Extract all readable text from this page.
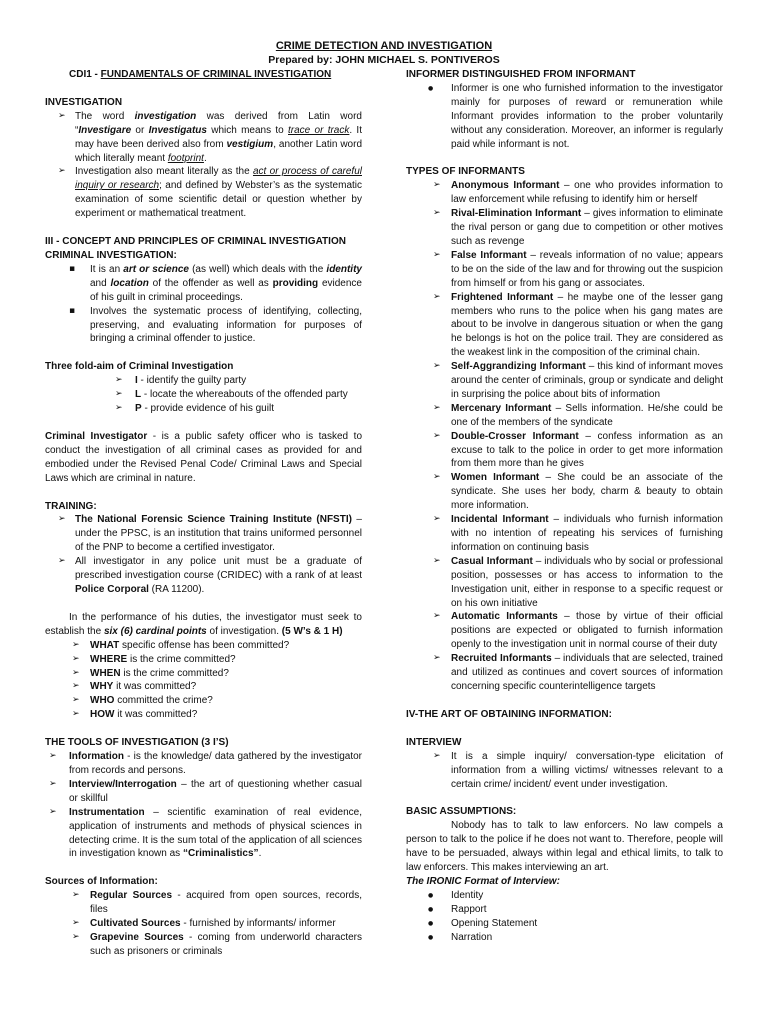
CRIME DETECTION AND INVESTIGATION
Prepared by: JOHN MICHAEL S. PONTIVEROS

CDI1 - FUNDAMENTALS OF CRIMINAL INVESTIGATION

INVESTIGATION

➢ The word investigation was derived from Latin word “Investigare or Investigatus which means to trace or track. It may have been derived also from vestigium, another Latin word which literally meant footprint.
➢ Investigation also meant literally as the act or process of careful inquiry or research; and defined by Webster’s as the systematic examination of some scientific detail or question whether by experiment or mathematical treatment.

III - CONCEPT AND PRINCIPLES OF CRIMINAL INVESTIGATION

CRIMINAL INVESTIGATION:

▪ It is an art or science (as well) which deals with the identity and location of the offender as well as providing evidence of his guilt in criminal proceedings.
▪ Involves the systematic process of identifying, collecting, preserving, and evaluating information for purposes of bringing a criminal offender to justice.

Three fold-aim of Criminal Investigation

➢ I - identify the guilty party
➢ L - locate the whereabouts of the offended party
➢ P - provide evidence of his guilt

Criminal Investigator - is a public safety officer who is tasked to conduct the investigation of all criminal cases as provided for and embodied under the Revised Penal Code/ Criminal Laws and Special Laws which are criminal in nature.

TRAINING:

➢ The National Forensic Science Training Institute (NFSTI) –under the PPSC, is an institution that trains uniformed personnel of the PNP to become a certified investigator.
➢ All investigator in any police unit must be a graduate of prescribed investigation course (CRIDEC) with a rank of at least Police Corporal (RA 11200).

In the performance of his duties, the investigator must seek to establish the six (6) cardinal points of investigation. (5 W’s & 1 H)

➢ WHAT specific offense has been committed?
➢ WHERE is the crime committed?
➢ WHEN is the crime committed?
➢ WHY it was committed?
➢ WHO committed the crime?
➢ HOW it was committed?

THE TOOLS OF INVESTIGATION (3 I’S)

➢ Information - is the knowledge/ data gathered by the investigator from records and persons.
➢ Interview/Interrogation – the art of questioning whether casual or skillful
➢ Instrumentation – scientific examination of real evidence, application of instruments and methods of physical sciences in detecting crime. It is the sum total of the application of all sciences in investigation known as “Criminalistics”.

Sources of Information:

➢ Regular Sources - acquired from open sources, records, files
➢ Cultivated Sources - furnished by informants/ informer
➢ Grapevine Sources - coming from underworld characters such as prisoners or criminals

INFORMER DISTINGUISHED FROM INFORMANT

● Informer is one who furnished information to the investigator mainly for purposes of reward or remuneration while Informant provides information to the prober voluntarily without any consideration. Moreover, an informer is regularly paid while informant is not.

TYPES OF INFORMANTS

➢ Anonymous Informant – one who provides information to law enforcement while refusing to identify him or herself
➢ Rival-Elimination Informant – gives information to eliminate the rival person or gang due to competition or other motives such as revenge
➢ False Informant – reveals information of no value; appears to be on the side of the law and for throwing out the suspicion from himself or from his gang or associates.
➢ Frightened Informant – he maybe one of the lesser gang members who runs to the police when his gang mates are about to be involve in dangerous situation or when the gang he belongs is hot on the police trail. They are considered as the weakest link in the composition of the criminal chain.
➢ Self-Aggrandizing Informant – this kind of informant moves around the center of criminals, group or syndicate and delight in surprising the police about bits of information
➢ Mercenary Informant – Sells information. He/she could be one of the members of the syndicate
➢ Double-Crosser Informant – confess information as an excuse to talk to the police in order to get more information from them more than he gives
➢ Women Informant – She could be an associate of the syndicate. She uses her body, charm & beauty to obtain more information.
➢ Incidental Informant – individuals who furnish information with no intention of repeating his services of furnishing information on continuing basis
➢ Casual Informant – individuals who by social or professional position, possesses or has access to information to the Investigation unit, either in response to a specific request or on his own initiative
➢ Automatic Informants – those by virtue of their official positions are expected or obligated to furnish information openly to the investigation unit in normal course of their duty
➢ Recruited Informants – individuals that are selected, trained and utilized as continues and covert sources of information concerning specific counterintelligence targets

IV-THE ART OF OBTAINING INFORMATION:

INTERVIEW

➢ It is a simple inquiry/ conversation-type elicitation of information from a willing victims/ witnesses relevant to a certain crime/ incident/ event under investigation.

BASIC ASSUMPTIONS:

Nobody has to talk to law enforcers. No law compels a person to talk to the police if he does not want to. Therefore, people will have to be persuaded, always within legal and ethical limits, to talk to law enforcers. This makes interviewing an art.

The IRONIC Format of Interview:

● Identity
● Rapport
● Opening Statement
● Narration
